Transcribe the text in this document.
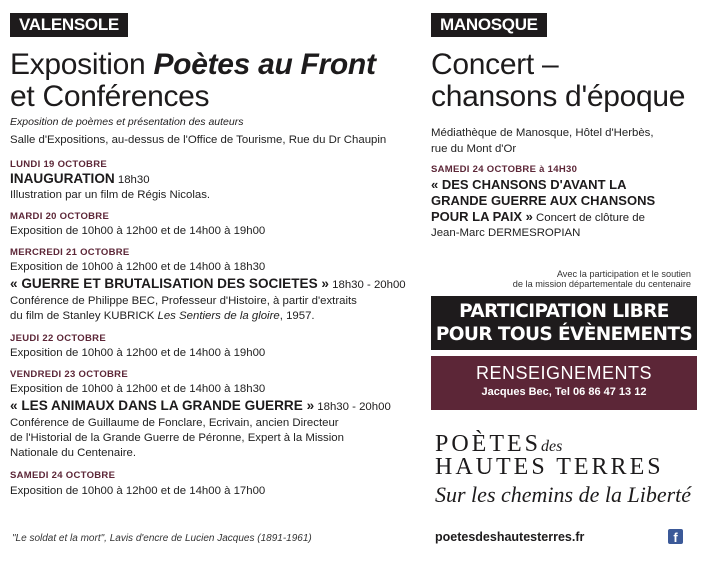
VALENSOLE
Exposition Poètes au Front
et Conférences
Exposition de poèmes et présentation des auteurs
Salle d'Expositions, au-dessus de l'Office de Tourisme, Rue du Dr Chaupin
LUNDI 19 OCTOBRE
INAUGURATION 18h30
Illustration par un film de Régis Nicolas.
MARDI 20 OCTOBRE
Exposition de 10h00 à 12h00 et de 14h00 à 19h00
MERCREDI 21 OCTOBRE
Exposition de 10h00 à 12h00 et de 14h00 à 18h30
« GUERRE ET BRUTALISATION DES SOCIETES » 18h30 - 20h00
Conférence de Philippe BEC, Professeur d'Histoire, à partir d'extraits
du film de Stanley KUBRICK Les Sentiers de la gloire, 1957.
JEUDI 22 OCTOBRE
Exposition de 10h00 à 12h00 et de 14h00 à 19h00
VENDREDI 23 OCTOBRE
Exposition de 10h00 à 12h00 et de 14h00 à 18h30
« LES ANIMAUX DANS LA GRANDE GUERRE » 18h30 - 20h00
Conférence de Guillaume de Fonclare, Ecrivain, ancien Directeur
de l'Historial de la Grande Guerre de Péronne, Expert à la Mission
Nationale du Centenaire.
SAMEDI 24 OCTOBRE
Exposition de 10h00 à 12h00 et de 14h00 à 17h00
"Le soldat et la mort", Lavis d'encre de Lucien Jacques (1891-1961)
MANOSQUE
Concert –
chansons d'époque
Médiathèque de Manosque, Hôtel d'Herbès,
rue du Mont d'Or
SAMEDI 24 OCTOBRE à 14H30
« DES CHANSONS D'AVANT LA
GRANDE GUERRE AUX CHANSONS
POUR LA PAIX » Concert de clôture de
Jean-Marc DERMESROPIAN
Avec la participation et le soutien
de la mission départementale du centenaire
PARTICIPATION LIBRE
POUR TOUS ÉVÈNEMENTS
RENSEIGNEMENTS
Jacques Bec, Tel 06 86 47 13 12
POÈTESdes
HAUTES TERRES
Sur les chemins de la Liberté
poetesdeshautesterres.fr	f
